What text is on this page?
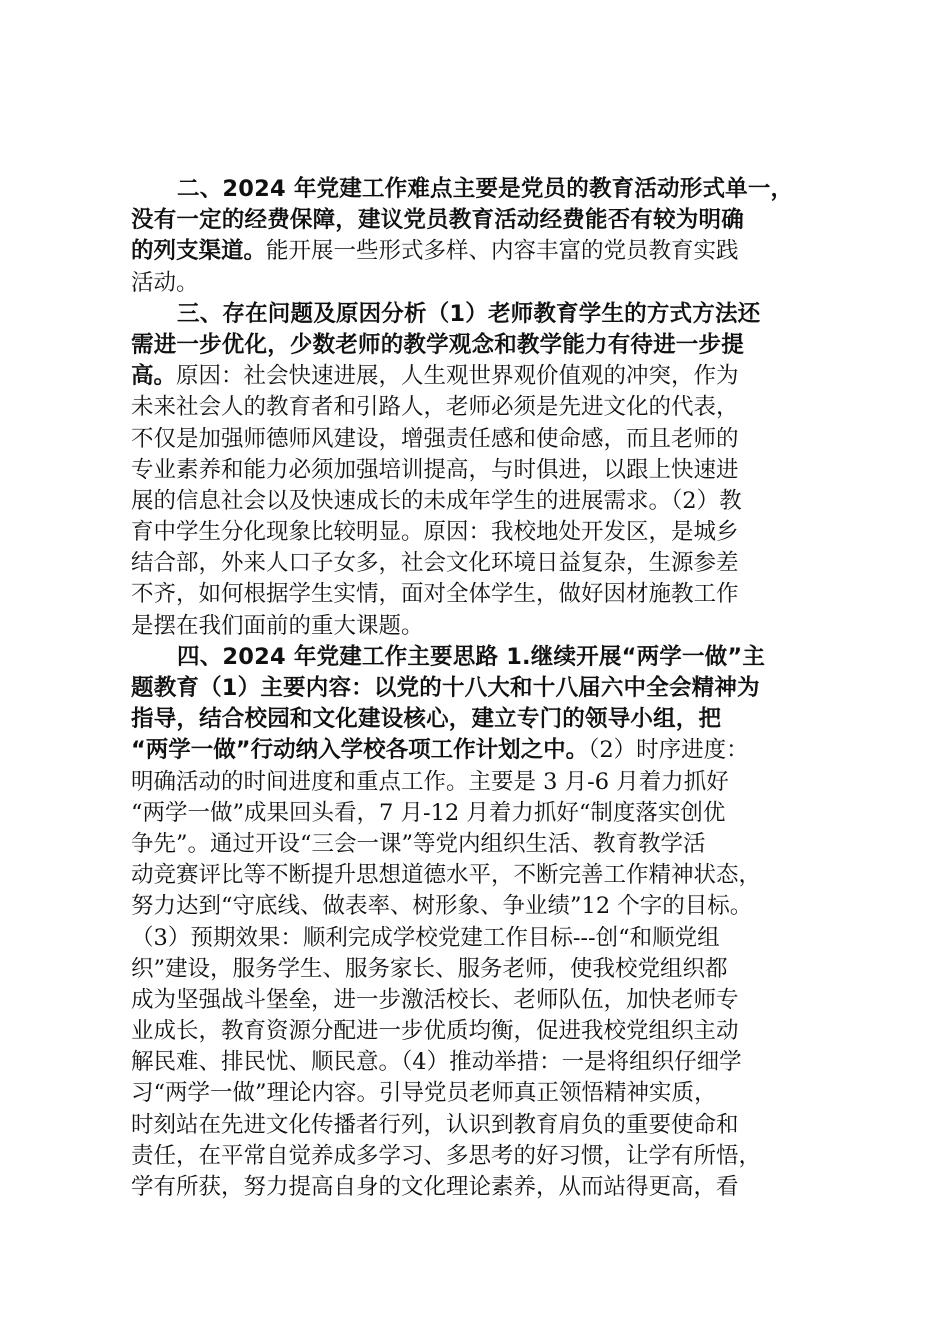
二、2024 年党建工作难点主要是党员的教育活动形式单一，
没有一定的经费保障，建议党员教育活动经费能否有较为明确
的列支渠道。能开展一些形式多样、内容丰富的党员教育实践
活动。
三、存在问题及原因分析（1）老师教育学生的方式方法还
需进一步优化，少数老师的教学观念和教学能力有待进一步提
高。原因：社会快速进展，人生观世界观价值观的冲突，作为
未来社会人的教育者和引路人，老师必须是先进文化的代表，
不仅是加强师德师风建设，增强责任感和使命感，而且老师的
专业素养和能力必须加强培训提高，与时俱进，以跟上快速进
展的信息社会以及快速成长的未成年学生的进展需求。（2）教
育中学生分化现象比较明显。原因：我校地处开发区，是城乡
结合部，外来人口子女多，社会文化环境日益复杂，生源参差
不齐，如何根据学生实情，面对全体学生，做好因材施教工作
是摆在我们面前的重大课题。
四、2024 年党建工作主要思路 1.继续开展“两学一做”主
题教育（1）主要内容：以党的十八大和十八届六中全会精神为
指导，结合校园和文化建设核心，建立专门的领导小组，把
“两学一做”行动纳入学校各项工作计划之中。（2）时序进度：
明确活动的时间进度和重点工作。主要是 3 月-6 月着力抓好
“两学一做”成果回头看，7 月-12 月着力抓好“制度落实创优
争先”。通过开设“三会一课”等党内组织生活、教育教学活
动竞赛评比等不断提升思想道德水平，不断完善工作精神状态，
努力达到“守底线、做表率、树形象、争业绩”12 个字的目标。
（3）预期效果：顺利完成学校党建工作目标---创“和顺党组
织”建设，服务学生、服务家长、服务老师，使我校党组织都
成为坚强战斗堡垒，进一步激活校长、老师队伍，加快老师专
业成长，教育资源分配进一步优质均衡，促进我校党组织主动
解民难、排民忧、顺民意。（4）推动举措：一是将组织仔细学
习“两学一做”理论内容。引导党员老师真正领悟精神实质，
时刻站在先进文化传播者行列，认识到教育肩负的重要使命和
责任，在平常自觉养成多学习、多思考的好习惯，让学有所悟，
学有所获，努力提高自身的文化理论素养，从而站得更高，看
